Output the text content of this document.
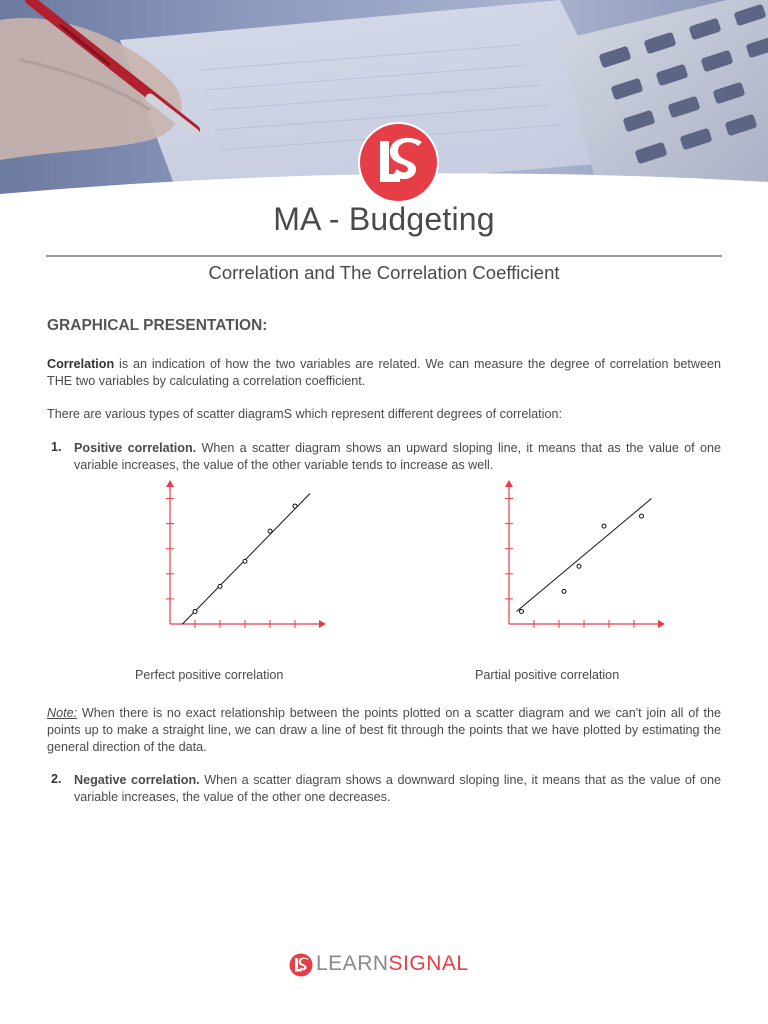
MA - Budgeting
Correlation and The Correlation Coefficient
GRAPHICAL PRESENTATION:

Correlation is an indication of how the two variables are related. We can measure the degree of correlation between THE two variables by calculating a correlation coefficient.

There are various types of scatter diagramS which represent different degrees of correlation:

1. Positive correlation. When a scatter diagram shows an upward sloping line, it means that as the value of one variable increases, the value of the other variable tends to increase as well.

Perfect positive correlation	Partial positive correlation

Note: When there is no exact relationship between the points plotted on a scatter diagram and we can't join all of the points up to make a straight line, we can draw a line of best fit through the points that we have plotted by estimating the general direction of the data.

2. Negative correlation. When a scatter diagram shows a downward sloping line, it means that as the value of one variable increases, the value of the other one decreases.

LEARNSIGNAL
